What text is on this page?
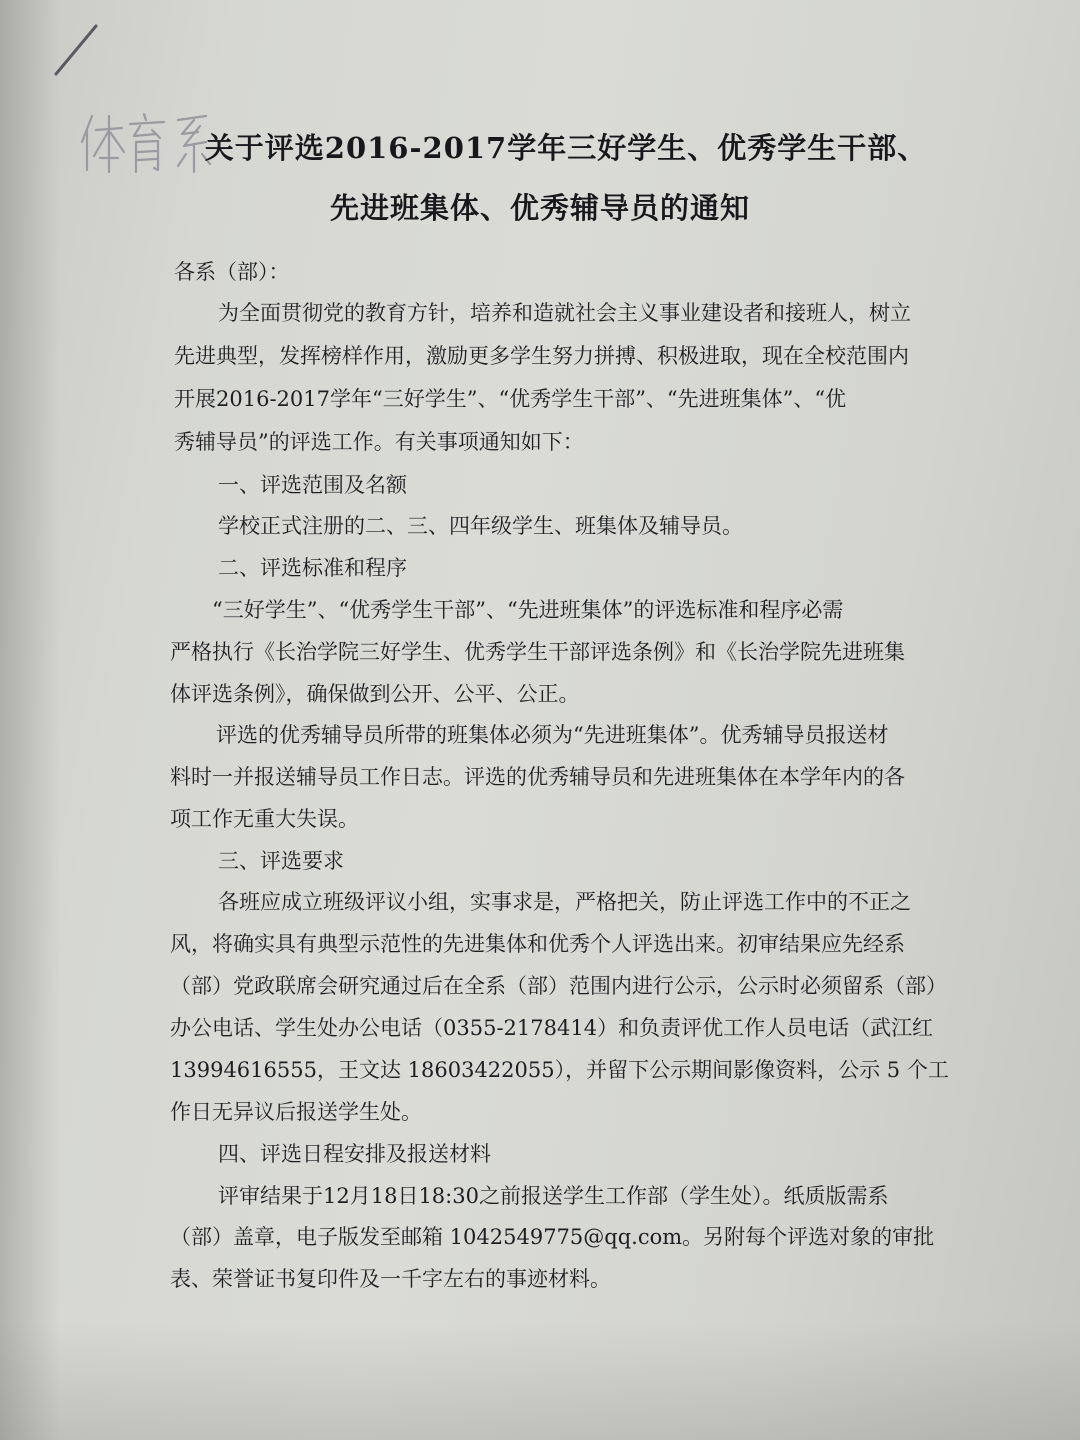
关于评选2016-2017学年三好学生、优秀学生干部、
先进班集体、优秀辅导员的通知
各系（部）：
为全面贯彻党的教育方针，培养和造就社会主义事业建设者和接班人，树立
先进典型，发挥榜样作用，激励更多学生努力拼搏、积极进取，现在全校范围内
开展2016-2017学年“三好学生”、“优秀学生干部”、“先进班集体”、“优
秀辅导员”的评选工作。有关事项通知如下：
一、评选范围及名额
学校正式注册的二、三、四年级学生、班集体及辅导员。
二、评选标准和程序
“三好学生”、“优秀学生干部”、“先进班集体”的评选标准和程序必需
严格执行《长治学院三好学生、优秀学生干部评选条例》和《长治学院先进班集
体评选条例》，确保做到公开、公平、公正。
评选的优秀辅导员所带的班集体必须为“先进班集体”。优秀辅导员报送材
料时一并报送辅导员工作日志。评选的优秀辅导员和先进班集体在本学年内的各
项工作无重大失误。
三、评选要求
各班应成立班级评议小组，实事求是，严格把关，防止评选工作中的不正之
风，将确实具有典型示范性的先进集体和优秀个人评选出来。初审结果应先经系
（部）党政联席会研究通过后在全系（部）范围内进行公示，公示时必须留系（部）
办公电话、学生处办公电话（0355-2178414）和负责评优工作人员电话（武江红
13994616555，王文达 18603422055），并留下公示期间影像资料，公示 5 个工
作日无异议后报送学生处。
四、评选日程安排及报送材料
评审结果于12月18日18:30之前报送学生工作部（学生处）。纸质版需系
（部）盖章，电子版发至邮箱 1042549775@qq.com。另附每个评选对象的审批
表、荣誉证书复印件及一千字左右的事迹材料。
